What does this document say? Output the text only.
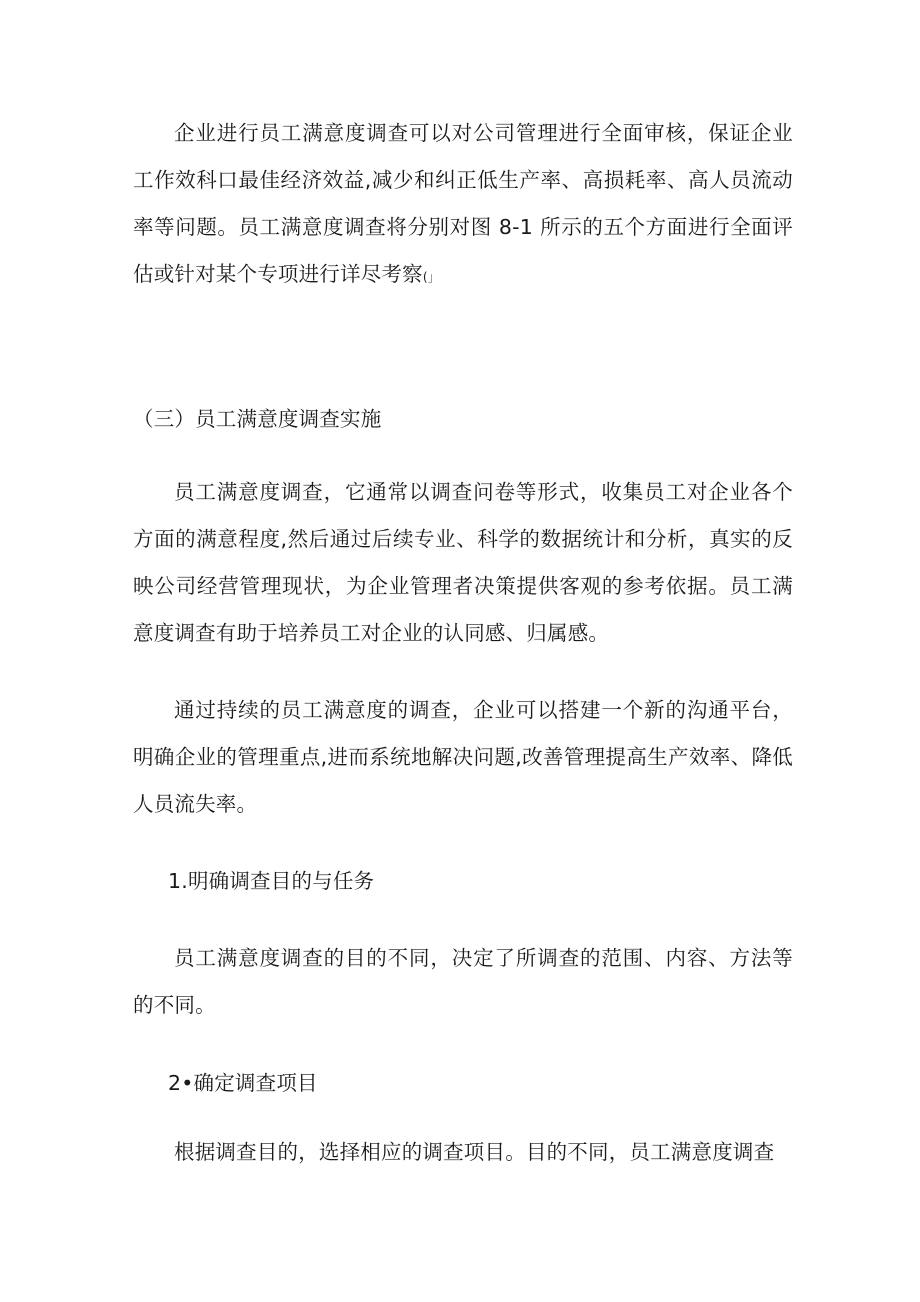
企业进行员工满意度调查可以对公司管理进行全面审核，保证企业工作效科口最佳经济效益,减少和纠正低生产率、高损耗率、高人员流动率等问题。员工满意度调查将分别对图 8-1 所示的五个方面进行全面评估或针对某个专项进行详尽考察(」

（三）员工满意度调查实施

员工满意度调查，它通常以调查问卷等形式，收集员工对企业各个方面的满意程度,然后通过后续专业、科学的数据统计和分析，真实的反映公司经营管理现状，为企业管理者决策提供客观的参考依据。员工满意度调查有助于培养员工对企业的认同感、归属感。

通过持续的员工满意度的调查，企业可以搭建一个新的沟通平台，明确企业的管理重点,进而系统地解决问题,改善管理提高生产效率、降低人员流失率。

1.明确调查目的与任务

员工满意度调查的目的不同，决定了所调查的范围、内容、方法等的不同。

2•确定调查项目

根据调查目的，选择相应的调查项目。目的不同，员工满意度调查
